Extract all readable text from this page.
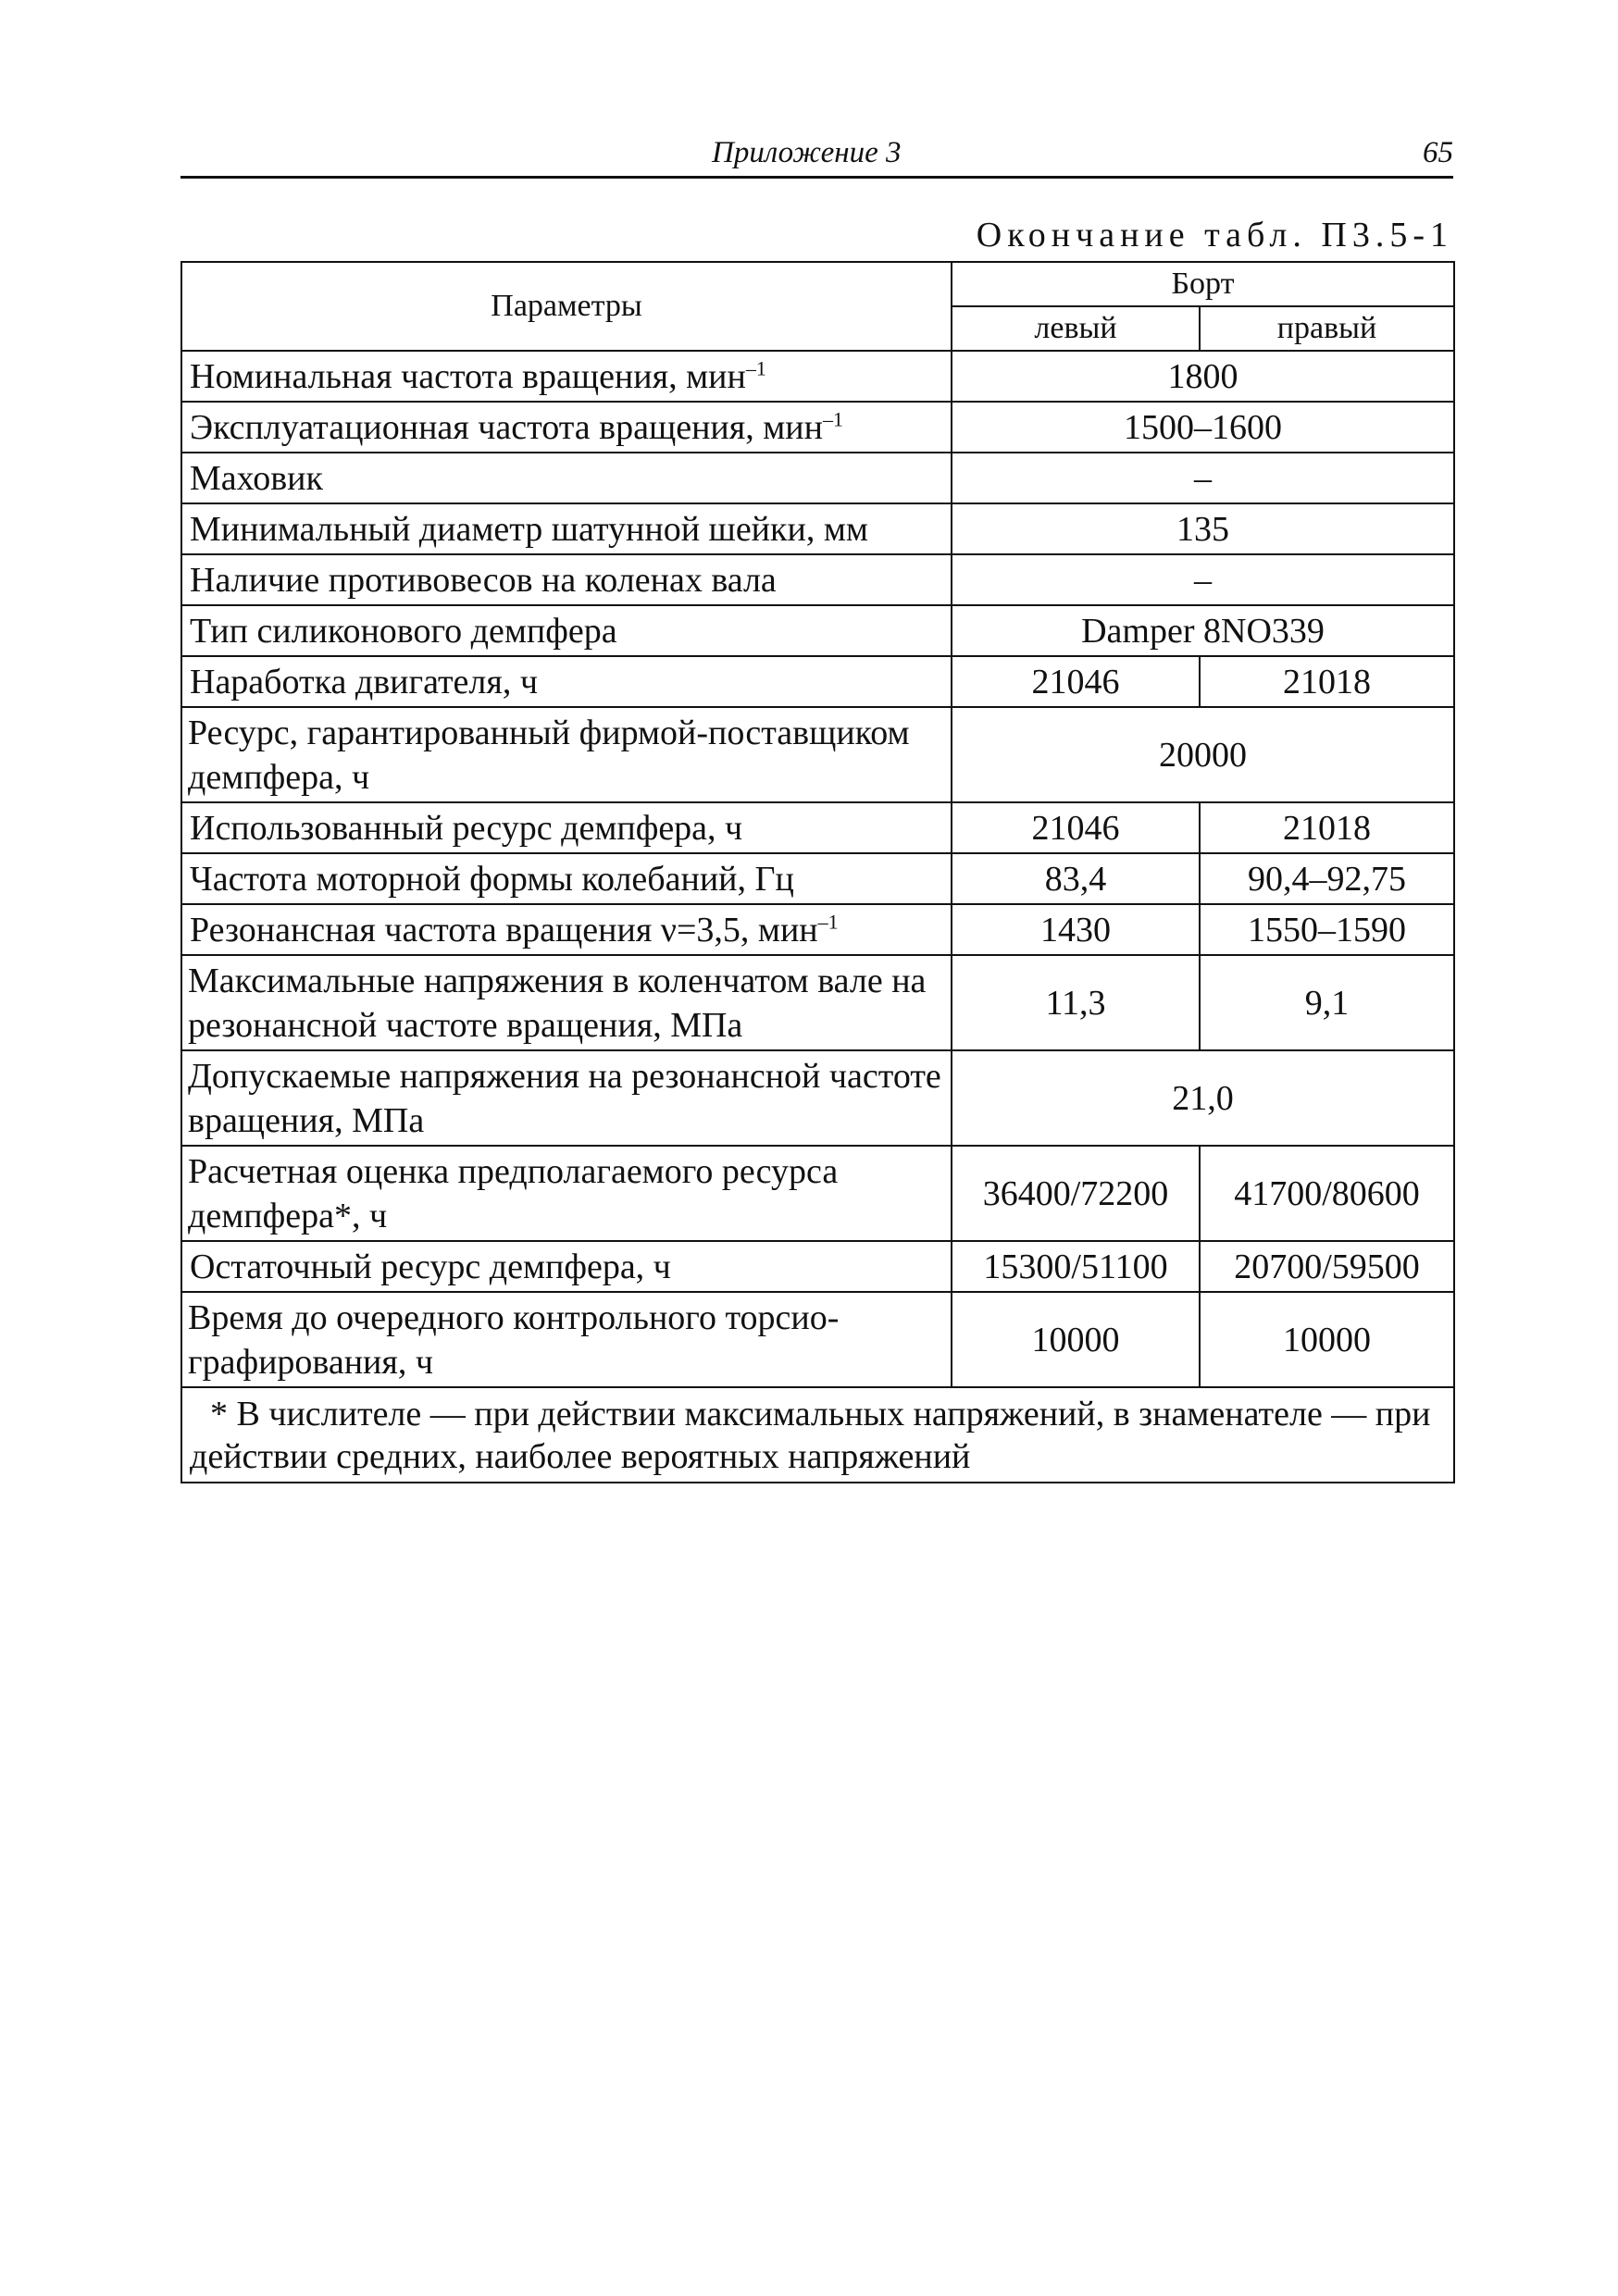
Приложение 3	65
Окончание табл. П3.5-1
Параметры	Борт	
	левый	правый
Номинальная частота вращения, мин$^{-1}$	1800	
Эксплуатационная частота вращения, мин$^{-1}$	1500–1600	
Маховик	–	
Минимальный диаметр шатунной шейки, мм	135	
Наличие противовесов на коленах вала	–	
Тип силиконового демпфера	Damper 8NO339	
Наработка двигателя, ч	21046	21018
Ресурс, гарантированный фирмой-поставщиком демпфера, ч	20000	
Использованный ресурс демпфера, ч	21046	21018
Частота моторной формы колебаний, Гц	83,4	90,4–92,75
Резонансная частота вращения ν=3,5, мин$^{-1}$	1430	1550–1590
Максимальные напряжения в коленчатом вале на резонансной частоте вращения, МПа	11,3	9,1
Допускаемые напряжения на резонансной частоте вращения, МПа	21,0	
Расчетная оценка предполагаемого ресурса демпфера*, ч	36400/72200	41700/80600
Остаточный ресурс демпфера, ч	15300/51100	20700/59500
Время до очередного контрольного торсио-графирования, ч	10000	10000
* В числителе — при действии максимальных напряжений, в знаменателе — при действии средних, наиболее вероятных напряжений		
